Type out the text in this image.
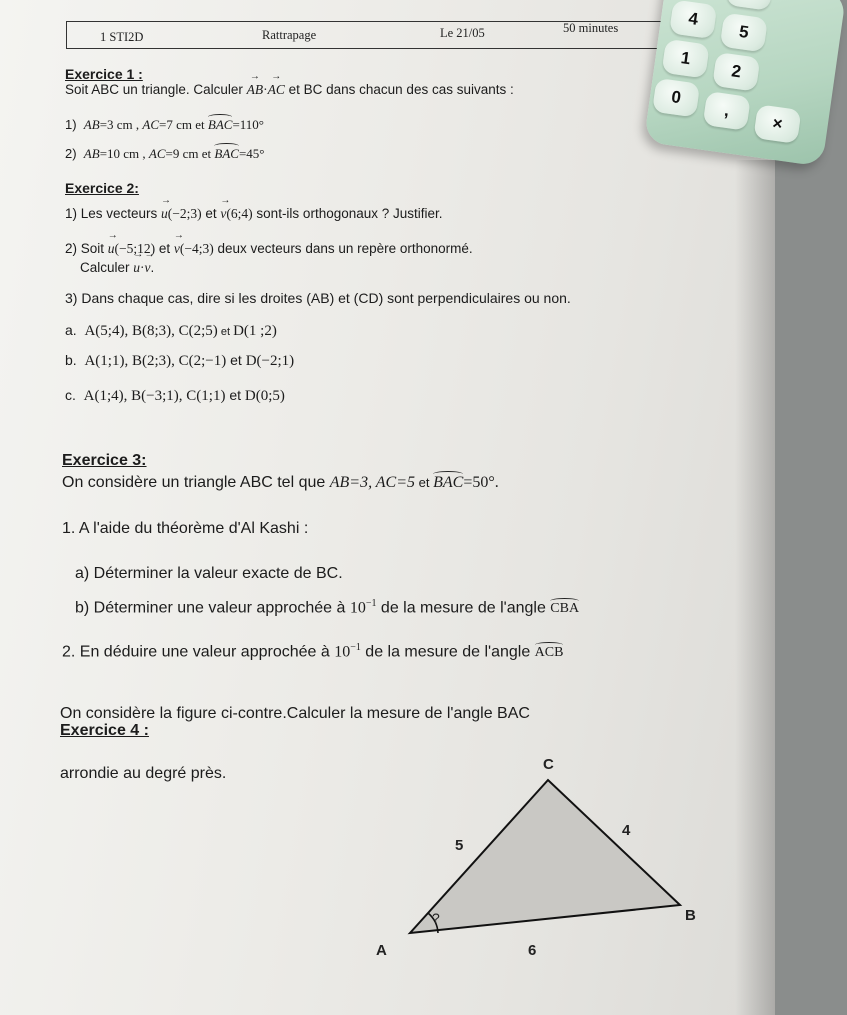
1 STI2D	Rattrapage	Le 21/05	50 minutes	4
5
1
2
0
,
×
Exercice 1 :
Soit ABC un triangle. Calculer → AB·→ AC et BC dans chacun des cas suivants :
1) AB=3 cm , AC=7 cm et BAC=110°
2) AB=10 cm , AC=9 cm et BAC=45°
Exercice 2:
1) Les vecteurs → u(−2;3) et → v(6;4) sont-ils orthogonaux ? Justifier.
2) Soit → u(−5;12) et → v(−4;3) deux vecteurs dans un repère orthonormé.
Calculer → u·→ v.
3) Dans chaque cas, dire si les droites (AB) et (CD) sont perpendiculaires ou non.
a. A(5;4), B(8;3), C(2;5) et D(1 ;2)
b. A(1;1), B(2;3), C(2;−1) et D(−2;1)
c. A(1;4), B(−3;1), C(1;1) et D(0;5)
Exercice 3:
On considère un triangle ABC tel que AB=3, AC=5 et BAC=50°.
1. A l'aide du théorème d'Al Kashi :
a) Déterminer la valeur exacte de BC.
b) Déterminer une valeur approchée à $10^{-1}$ de la mesure de l'angle CBA
2. En déduire une valeur approchée à $10^{-1}$ de la mesure de l'angle ACB
Exercice 4 :
On considère la figure ci-contre.Calculer la mesure de l'angle BAC
arrondie au degré près.
C
A
B
5
4
6
?
